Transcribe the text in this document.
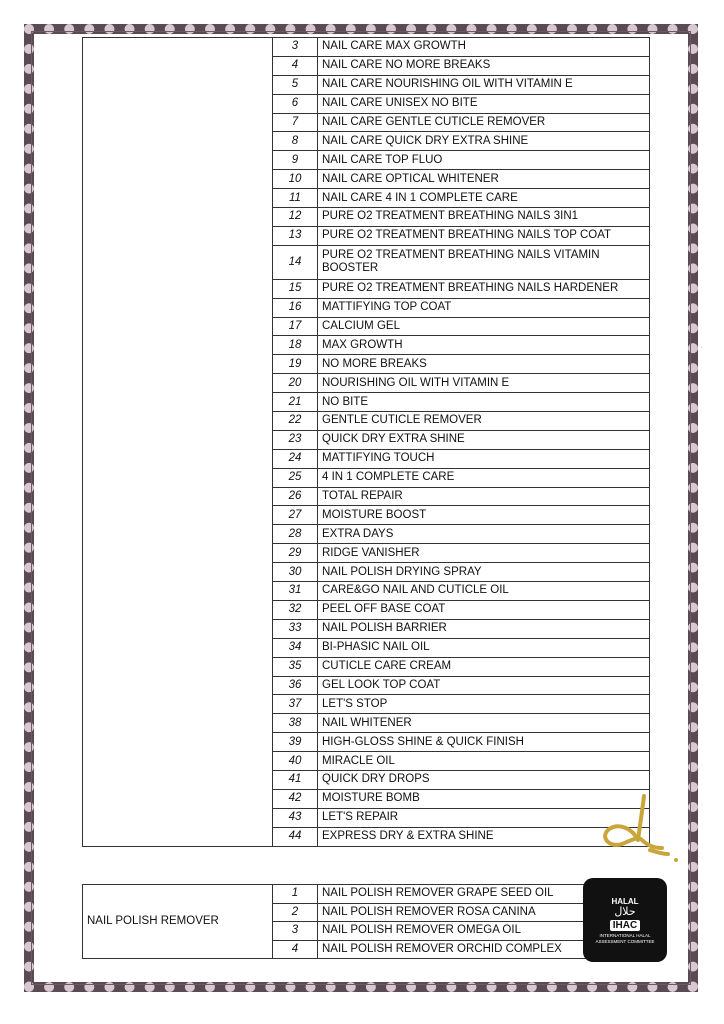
·
	3	NAIL CARE MAX GROWTH
	4	NAIL CARE NO MORE BREAKS
	5	NAIL CARE NOURISHING OIL WITH VITAMIN E
	6	NAIL CARE UNISEX NO BITE
	7	NAIL CARE GENTLE CUTICLE REMOVER
	8	NAIL CARE QUICK DRY EXTRA SHINE
	9	NAIL CARE TOP FLUO
	10	NAIL CARE OPTICAL WHITENER
	11	NAIL CARE 4 IN 1 COMPLETE CARE
	12	PURE O2 TREATMENT BREATHING NAILS 3IN1
	13	PURE O2 TREATMENT BREATHING NAILS TOP COAT
	14	PURE O2 TREATMENT BREATHING NAILS VITAMIN BOOSTER
	15	PURE O2 TREATMENT BREATHING NAILS HARDENER
	16	MATTIFYING TOP COAT
	17	CALCIUM GEL
	18	MAX GROWTH
	19	NO MORE BREAKS
	20	NOURISHING OIL WITH VITAMIN E
	21	NO BITE
	22	GENTLE CUTICLE REMOVER
	23	QUICK DRY EXTRA SHINE
	24	MATTIFYING TOUCH
	25	4 IN 1 COMPLETE CARE
	26	TOTAL REPAIR
	27	MOISTURE BOOST
	28	EXTRA DAYS
	29	RIDGE VANISHER
	30	NAIL POLISH DRYING SPRAY
	31	CARE&GO NAIL AND CUTICLE OIL
	32	PEEL OFF BASE COAT
	33	NAIL POLISH BARRIER
	34	BI-PHASIC NAIL OIL
	35	CUTICLE CARE CREAM
	36	GEL LOOK TOP COAT
	37	LET'S STOP
	38	NAIL WHITENER
	39	HIGH-GLOSS SHINE & QUICK FINISH
	40	MIRACLE OIL
	41	QUICK DRY DROPS
	42	MOISTURE BOMB
	43	LET'S REPAIR
	44	EXPRESS DRY & EXTRA SHINE
NAIL POLISH REMOVER	1	NAIL POLISH REMOVER GRAPE SEED OIL
	2	NAIL POLISH REMOVER ROSA CANINA
	3	NAIL POLISH REMOVER OMEGA OIL
	4	NAIL POLISH REMOVER ORCHID COMPLEX
HALAL
حلال
IHAC
INTERNATIONAL HALAL ASSESSMENT COMMITTEE
